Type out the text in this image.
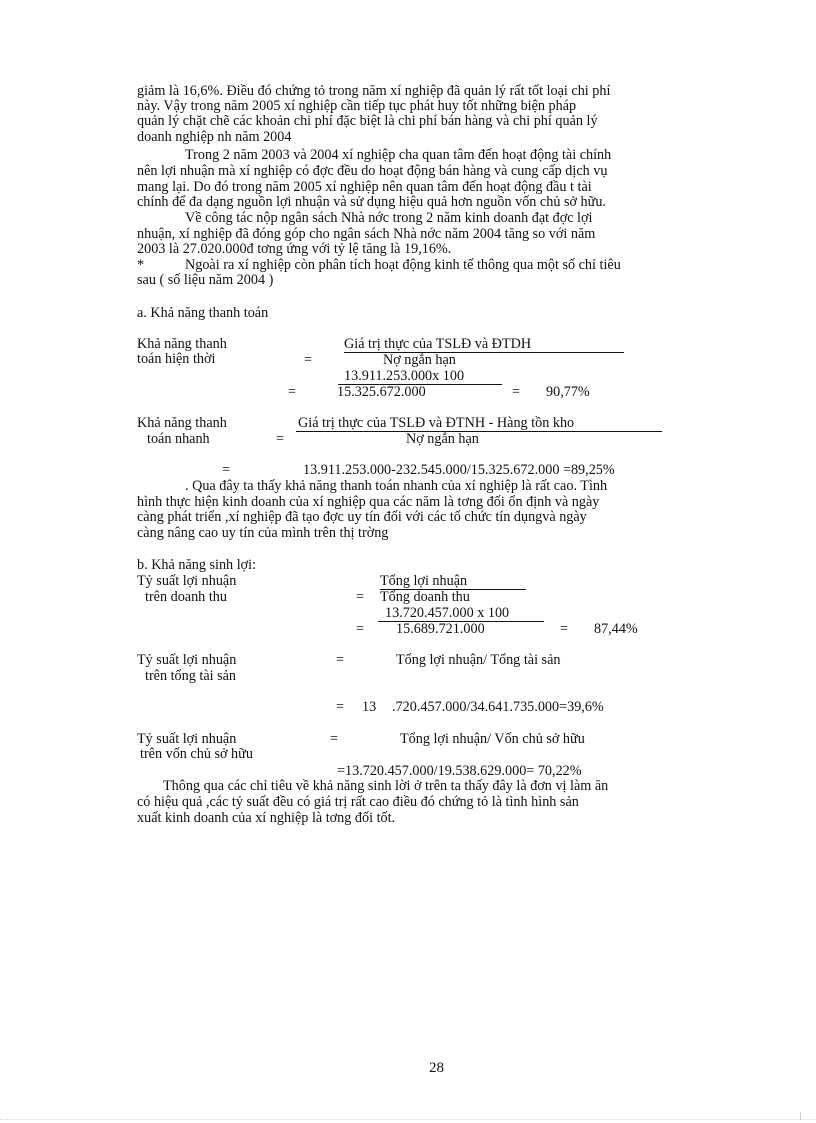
giảm là 16,6%. Điều đó chứng tỏ trong năm xí nghiệp đã quản lý rất tốt loại chi phí

này. Vậy trong năm 2005 xí nghiệp cần tiếp tục phát huy tốt những biện pháp

quản lý chặt chẽ các khoản chi phí đặc biệt là chi phí bán hàng và chi phí quản lý

doanh nghiệp nh năm 2004

Trong 2 năm 2003 và 2004 xí nghiệp cha quan tâm đến hoạt động tài chính

nên lợi nhuận mà xí nghiệp có đợc đều do hoạt động bán hàng và cung cấp dịch vụ

mang lại. Do đó trong năm 2005 xí nghiệp nên quan tâm đến hoạt động đầu t tài

chính để đa dạng nguồn lợi nhuận và sử dụng hiệu quả hơn nguồn vốn chủ sở hữu.

Về công tác nộp ngân sách Nhà nớc trong 2 năm kinh doanh đạt đợc lợi

nhuận, xí nghiệp đã đóng góp cho ngân sách Nhà nớc năm 2004 tăng so với năm

2003 là 27.020.000đ tơng ứng với tỷ lệ tăng là 19,16%.

*	Ngoài ra xí nghiệp còn phân tích hoạt động kinh tế thông qua một số chỉ tiêu

sau ( số liệu năm 2004 )

a. Khả năng thanh toán

Khả năng thanh

toán hiện thời

Giá trị thực của TSLĐ và ĐTDH

=	Nợ ngắn hạn

13.911.253.000x 100

=	15.325.672.000	= 90,77%

Khả năng thanh

toán nhanh

Giá trị thực của TSLĐ và ĐTNH - Hàng tồn kho

=	Nợ ngắn hạn

=	13.911.253.000-232.545.000/15.325.672.000 =89,25%

. Qua đây ta thấy khả năng thanh toán nhanh của xí nghiệp là rất cao. Tình

hình thực hiện kinh doanh của xí nghiệp qua các năm là tơng đối ổn định và ngày

càng phát triển ,xí nghiệp đã tạo đợc uy tín đối với các tổ chức tín dụngvà ngày

càng nâng cao uy tín của mình trên thị trờng

b. Khả năng sinh lợi:

Tỷ suất lợi nhuận

trên doanh thu

Tổng lợi nhuận

= Tổng doanh thu

13.720.457.000 x 100

= 15.689.721.000	= 87,44%

Tỷ suất lợi nhuận

trên tổng tài sản

=	Tổng lợi nhuận/ Tổng tài sản

= 13 .720.457.000/34.641.735.000=39,6%

Tỷ suất lợi nhuận

trên vốn chủ sở hữu

=	Tổng lợi nhuận/ Vốn chủ sở hữu

=13.720.457.000/19.538.629.000= 70,22%

Thông qua các chỉ tiêu về khả năng sinh lời ở trên ta thấy đây là đơn vị làm ăn

có hiệu quả ,các tỷ suất đều có giá trị rất cao điều đó chứng tỏ là tình hình sản

xuất kinh doanh của xí nghiệp là tơng đối tốt.

28
